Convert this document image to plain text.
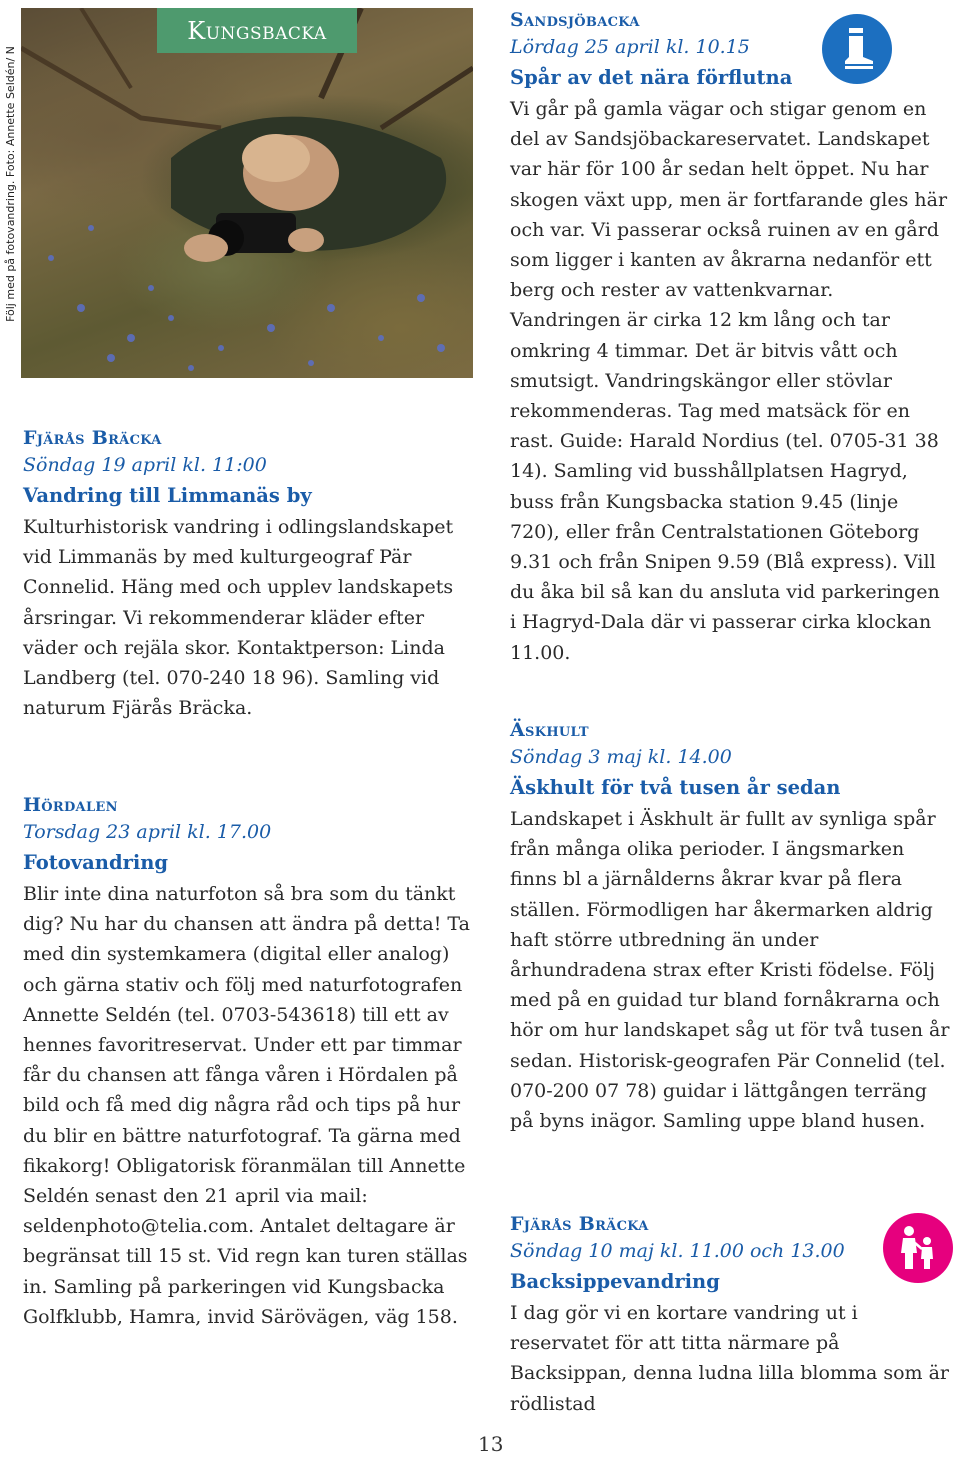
Kungsbacka
Följ med på fotovandring. Foto: Annette Seldén/ N
Fjärås Bräcka
Söndag 19 april kl. 11:00
Vandring till Limmanäs by
Kulturhistorisk vandring i odlingslandskapet vid Limmanäs by med kulturgeograf Pär Connelid. Häng med och upplev landskapets årsringar. Vi rekommenderar kläder efter väder och rejäla skor. Kontaktperson: Linda Landberg (tel. 070-240 18 96). Samling vid naturum Fjärås Bräcka.
Hördalen
Torsdag 23 april kl. 17.00
Fotovandring
Blir inte dina naturfoton så bra som du tänkt dig? Nu har du chansen att ändra på detta! Ta med din systemkamera (digital eller analog) och gärna stativ och följ med naturfotografen Annette Seldén (tel. 0703-543618) till ett av hennes favoritreservat. Under ett par timmar får du chansen att fånga våren i Hördalen på bild och få med dig några råd och tips på hur du blir en bättre naturfotograf. Ta gärna med fikakorg! Obligatorisk föranmälan till Annette Seldén senast den 21 april via mail: seldenphoto@telia.com. Antalet deltagare är begränsat till 15 st. Vid regn kan turen ställas in. Samling på parkeringen vid Kungsbacka Golfklubb, Hamra, invid Särövägen, väg 158.
Sandsjöbacka
Lördag 25 april kl. 10.15
Spår av det nära förflutna
Vi går på gamla vägar och stigar genom en del av Sandsjöbackareservatet. Landskapet var här för 100 år sedan helt öppet. Nu har skogen växt upp, men är fortfarande gles här och var. Vi passerar också ruinen av en gård som ligger i kanten av åkrarna nedanför ett berg och rester av vattenkvarnar. Vandringen är cirka 12 km lång och tar omkring 4 timmar. Det är bitvis vått och smutsigt. Vandringskängor eller stövlar rekommenderas. Tag med matsäck för en rast. Guide: Harald Nordius (tel. 0705-31 38 14). Samling vid busshållplatsen Hagryd, buss från Kungsbacka station 9.45 (linje 720), eller från Centralstationen Göteborg 9.31 och från Snipen 9.59 (Blå express). Vill du åka bil så kan du ansluta vid parkeringen i Hagryd-Dala där vi passerar cirka klockan 11.00.
Äskhult
Söndag 3 maj kl. 14.00
Äskhult för två tusen år sedan
Landskapet i Äskhult är fullt av synliga spår från många olika perioder. I ängsmarken finns bl a järnålderns åkrar kvar på flera ställen. Förmodligen har åkermarken aldrig haft större utbredning än under århundradena strax efter Kristi födelse. Följ med på en guidad tur bland fornåkrarna och hör om hur landskapet såg ut för två tusen år sedan. Historisk-geografen Pär Connelid (tel. 070-200 07 78) guidar i lättgången terräng på byns inägor. Samling uppe bland husen.
Fjärås Bräcka
Söndag 10 maj kl. 11.00 och 13.00
Backsippevandring
I dag gör vi en kortare vandring ut i reservatet för att titta närmare på Backsippan, denna ludna lilla blomma som är rödlistad
13
